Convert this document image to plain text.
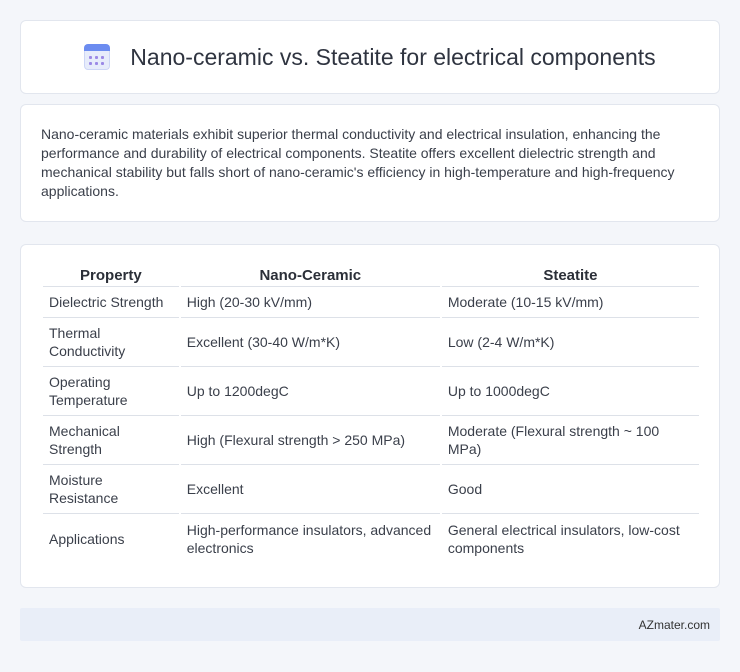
Nano-ceramic vs. Steatite for electrical components

Nano-ceramic materials exhibit superior thermal conductivity and electrical insulation, enhancing the performance and durability of electrical components. Steatite offers excellent dielectric strength and mechanical stability but falls short of nano-ceramic's efficiency in high-temperature and high-frequency applications.

Property	Nano-Ceramic	Steatite
Dielectric Strength	High (20-30 kV/mm)	Moderate (10-15 kV/mm)
Thermal Conductivity	Excellent (30-40 W/m*K)	Low (2-4 W/m*K)
Operating Temperature	Up to 1200degC	Up to 1000degC
Mechanical Strength	High (Flexural strength > 250 MPa)	Moderate (Flexural strength ~ 100 MPa)
Moisture Resistance	Excellent	Good
Applications	High-performance insulators, advanced electronics	General electrical insulators, low-cost components
AZmater.com
